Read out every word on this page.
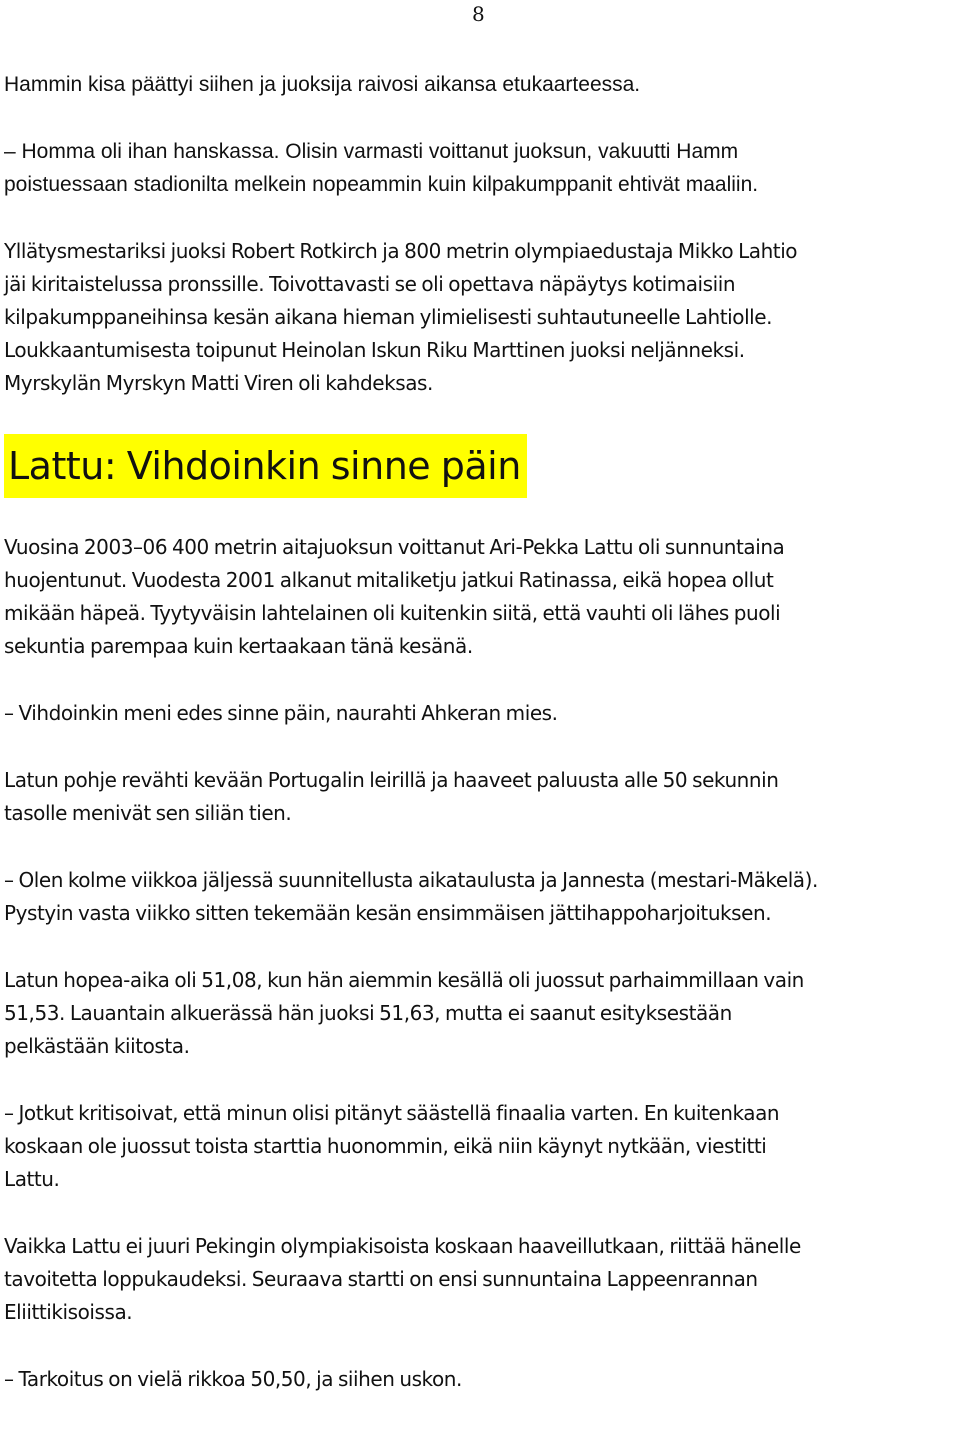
8

Hammin kisa päättyi siihen ja juoksija raivosi aikansa etukaarteessa.

– Homma oli ihan hanskassa. Olisin varmasti voittanut juoksun, vakuutti Hamm
poistuessaan stadionilta melkein nopeammin kuin kilpakumppanit ehtivät maaliin.

Yllätysmestariksi juoksi Robert Rotkirch ja 800 metrin olympiaedustaja Mikko Lahtio
jäi kiritaistelussa pronssille. Toivottavasti se oli opettava näpäytys kotimaisiin
kilpakumppaneihinsa kesän aikana hieman ylimielisesti suhtautuneelle Lahtiolle.
Loukkaantumisesta toipunut Heinolan Iskun Riku Marttinen juoksi neljänneksi.
Myrskylän Myrskyn Matti Viren oli kahdeksas.

Lattu: Vihdoinkin sinne päin

Vuosina 2003–06 400 metrin aitajuoksun voittanut Ari-Pekka Lattu oli sunnuntaina
huojentunut. Vuodesta 2001 alkanut mitaliketju jatkui Ratinassa, eikä hopea ollut
mikään häpeä. Tyytyväisin lahtelainen oli kuitenkin siitä, että vauhti oli lähes puoli
sekuntia parempaa kuin kertaakaan tänä kesänä.

– Vihdoinkin meni edes sinne päin, naurahti Ahkeran mies.

Latun pohje revähti kevään Portugalin leirillä ja haaveet paluusta alle 50 sekunnin
tasolle menivät sen siliän tien.

– Olen kolme viikkoa jäljessä suunnitellusta aikataulusta ja Jannesta (mestari-Mäkelä).
Pystyin vasta viikko sitten tekemään kesän ensimmäisen jättihappoharjoituksen.

Latun hopea-aika oli 51,08, kun hän aiemmin kesällä oli juossut parhaimmillaan vain
51,53. Lauantain alkuerässä hän juoksi 51,63, mutta ei saanut esityksestään
pelkästään kiitosta.

– Jotkut kritisoivat, että minun olisi pitänyt säästellä finaalia varten. En kuitenkaan
koskaan ole juossut toista starttia huonommin, eikä niin käynyt nytkään, viestitti
Lattu.

Vaikka Lattu ei juuri Pekingin olympiakisoista koskaan haaveillutkaan, riittää hänelle
tavoitetta loppukaudeksi. Seuraava startti on ensi sunnuntaina Lappeenrannan
Eliittikisoissa.

– Tarkoitus on vielä rikkoa 50,50, ja siihen uskon.
